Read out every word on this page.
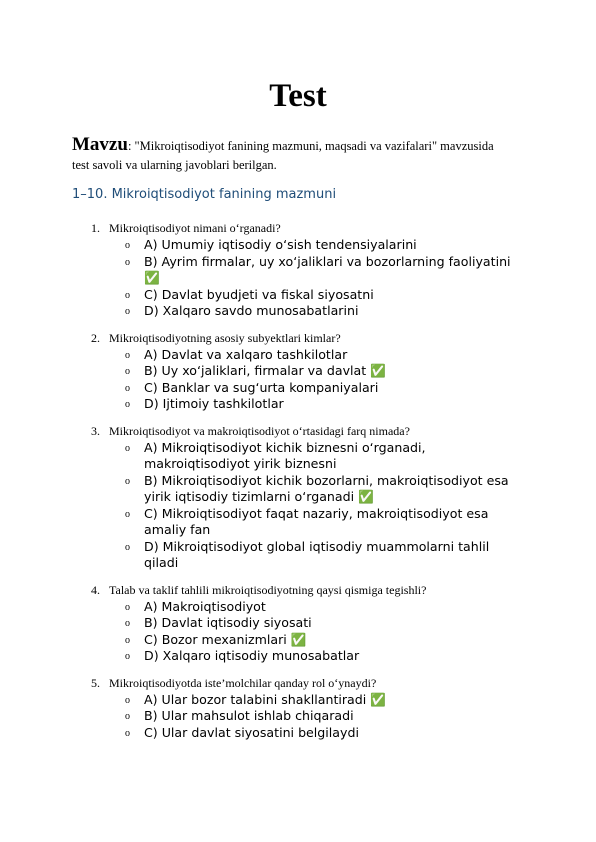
Test
Mavzu: "Mikroiqtisodiyot fanining mazmuni, maqsadi va vazifalari" mavzusida test savoli va ularning javoblari berilgan.
1–10. Mikroiqtisodiyot fanining mazmuni
1. Mikroiqtisodiyot nimani o‘rganadi?
o A) Umumiy iqtisodiy o‘sish tendensiyalarini
o B) Ayrim firmalar, uy xo‘jaliklari va bozorlarning faoliyatini ✅
o C) Davlat byudjeti va fiskal siyosatni
o D) Xalqaro savdo munosabatlarini
2. Mikroiqtisodiyotning asosiy subyektlari kimlar?
o A) Davlat va xalqaro tashkilotlar
o B) Uy xo‘jaliklari, firmalar va davlat ✅
o C) Banklar va sug‘urta kompaniyalari
o D) Ijtimoiy tashkilotlar
3. Mikroiqtisodiyot va makroiqtisodiyot o‘rtasidagi farq nimada?
o A) Mikroiqtisodiyot kichik biznesni o‘rganadi, makroiqtisodiyot yirik biznesni
o B) Mikroiqtisodiyot kichik bozorlarni, makroiqtisodiyot esa yirik iqtisodiy tizimlarni o‘rganadi ✅
o C) Mikroiqtisodiyot faqat nazariy, makroiqtisodiyot esa amaliy fan
o D) Mikroiqtisodiyot global iqtisodiy muammolarni tahlil qiladi
4. Talab va taklif tahlili mikroiqtisodiyotning qaysi qismiga tegishli?
o A) Makroiqtisodiyot
o B) Davlat iqtisodiy siyosati
o C) Bozor mexanizmlari ✅
o D) Xalqaro iqtisodiy munosabatlar
5. Mikroiqtisodiyotda iste’molchilar qanday rol o‘ynaydi?
o A) Ular bozor talabini shakllantiradi ✅
o B) Ular mahsulot ishlab chiqaradi
o C) Ular davlat siyosatini belgilaydi
